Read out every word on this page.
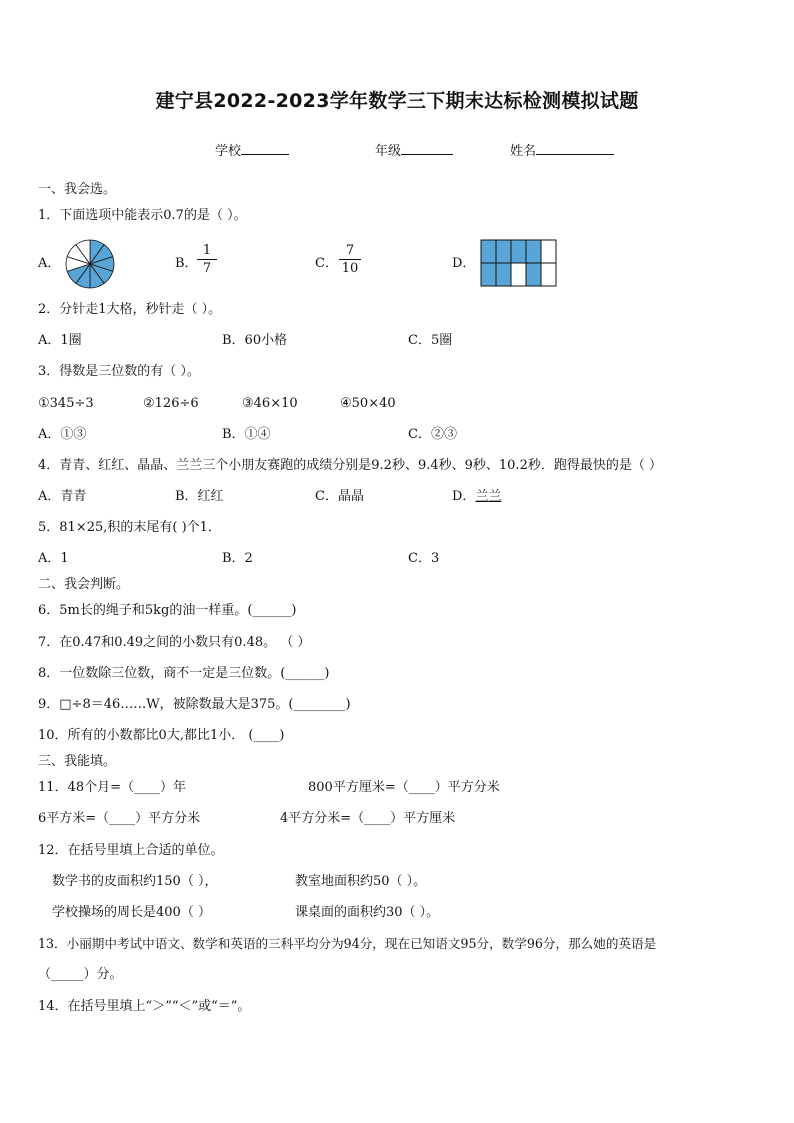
建宁县2022-2023学年数学三下期末达标检测模拟试题
学校	年级	姓名
一、我会选。
1．下面选项中能表示0.7的是（ ）。
A．	B．
1
7	C．
7
10	D．
2．分针走1大格，秒针走（ ）。
A．1圈	B．60小格	C．5圈
3．得数是三位数的有（ ）。
①345÷3	②126÷6	③46×10	④50×40
A．①③	B．①④	C．②③
4．青青、红红、晶晶、兰兰三个小朋友赛跑的成绩分别是9.2秒、9.4秒、9秒、10.2秒．跑得最快的是（ ）
A．青青	B．红红	C．晶晶	D．兰兰
5．81×25,积的末尾有( )个1．
A．1	B．2	C．3
二、我会判断。
6．5m长的绳子和5kg的油一样重。(______)
7．在0.47和0.49之间的小数只有0.48。 （ ）
8．一位数除三位数，商不一定是三位数。(______)
9．□÷8＝46……W，被除数最大是375。(________)
10．所有的小数都比0大,都比1小． (____)
三、我能填。
11．48个月=（____）年	800平方厘米=（____）平方分米
6平方米=（____）平方分米	4平方分米=（____）平方厘米
12．在括号里填上合适的单位。
数学书的皮面积约150（ ），	教室地面积约50（ ）。
学校操场的周长是400（ ）	课桌面的面积约30（ ）。
13．小丽期中考试中语文、数学和英语的三科平均分为94分，现在已知语文95分，数学96分，那么她的英语是
（_____）分。
14．在括号里填上“＞”“＜”或“＝”。
